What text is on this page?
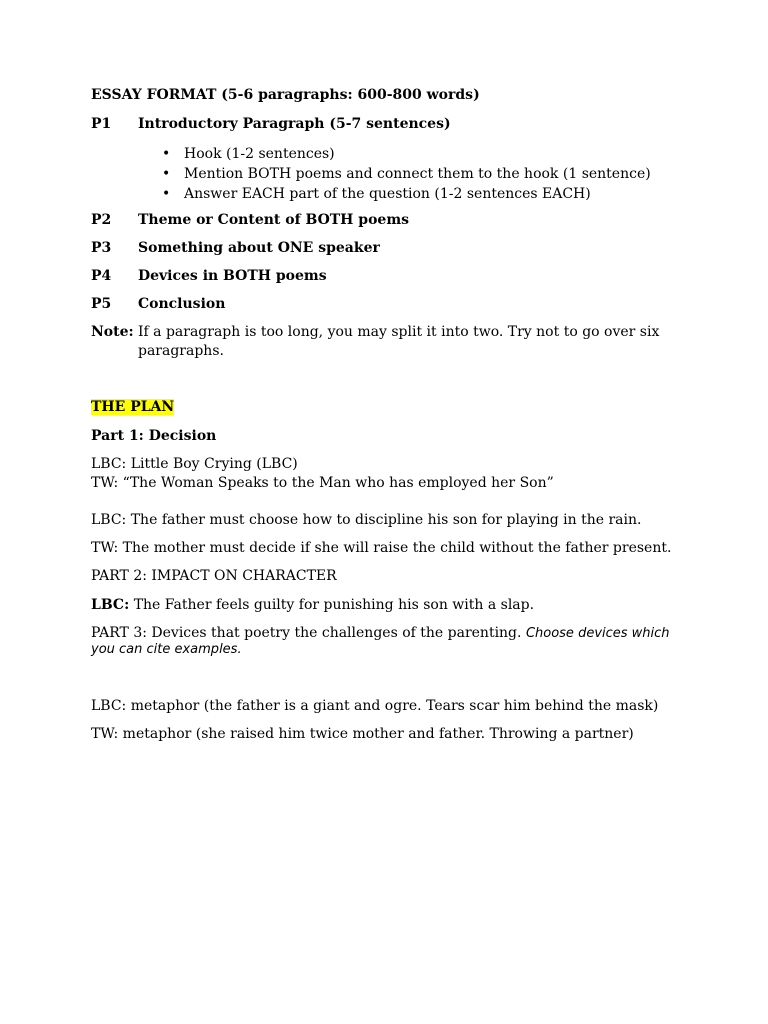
ESSAY FORMAT (5-6 paragraphs: 600-800 words)
P1 Introductory Paragraph (5-7 sentences)
• Hook (1-2 sentences)
• Mention BOTH poems and connect them to the hook (1 sentence)
• Answer EACH part of the question (1-2 sentences EACH)
P2 Theme or Content of BOTH poems
P3 Something about ONE speaker
P4 Devices in BOTH poems
P5 Conclusion
Note: If a paragraph is too long, you may split it into two. Try not to go over six
paragraphs.
THE PLAN
Part 1: Decision
LBC: Little Boy Crying (LBC)
TW: “The Woman Speaks to the Man who has employed her Son”
LBC: The father must choose how to discipline his son for playing in the rain.
TW: The mother must decide if she will raise the child without the father present.
PART 2: IMPACT ON CHARACTER
LBC: The Father feels guilty for punishing his son with a slap.
PART 3: Devices that poetry the challenges of the parenting. Choose devices which
you can cite examples.
LBC: metaphor (the father is a giant and ogre. Tears scar him behind the mask)
TW: metaphor (she raised him twice mother and father. Throwing a partner)
